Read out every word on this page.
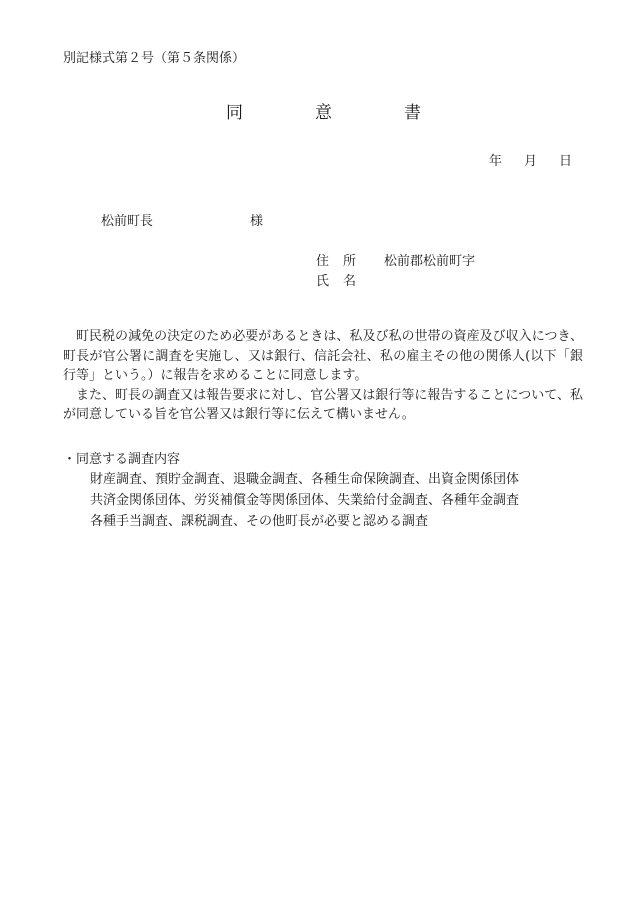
別記様式第２号（第５条関係）
同	意	書
年 月 日
松前町長	様
住 所 松前郡松前町字
氏 名

町民税の減免の決定のため必要があるときは、私及び私の世帯の資産及び収入につき、町長が官公署に調査を実施し、又は銀行、信託会社、私の雇主その他の関係人(以下「銀行等」という。）に報告を求めることに同意します。

また、町長の調査又は報告要求に対し、官公署又は銀行等に報告することについて、私が同意している旨を官公署又は銀行等に伝えて構いません。

・同意する調査内容
財産調査、預貯金調査、退職金調査、各種生命保険調査、出資金関係団体
共済金関係団体、労災補償金等関係団体、失業給付金調査、各種年金調査
各種手当調査、課税調査、その他町長が必要と認める調査
